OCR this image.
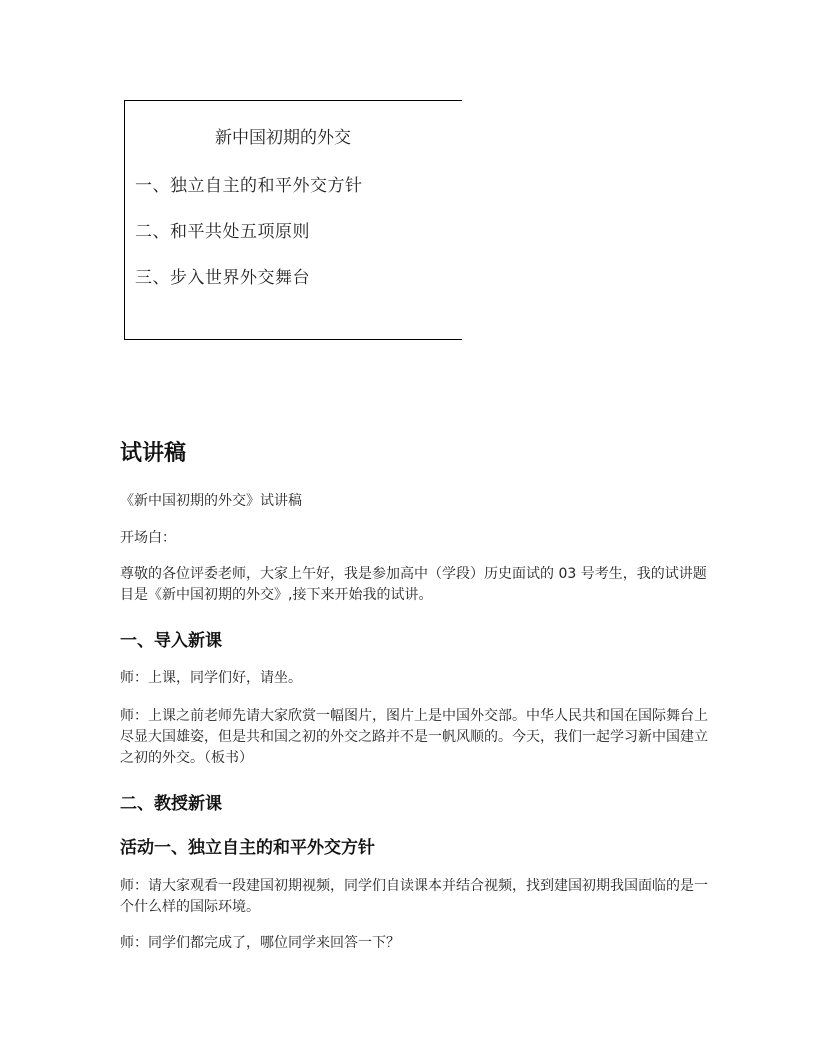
新中国初期的外交
一、独立自主的和平外交方针
二、和平共处五项原则
三、步入世界外交舞台
试讲稿
《新中国初期的外交》试讲稿
开场白：
尊敬的各位评委老师，大家上午好，我是参加高中（学段）历史面试的 03 号考生，我的试讲题目是《新中国初期的外交》,接下来开始我的试讲。
一、导入新课
师：上课，同学们好，请坐。
师：上课之前老师先请大家欣赏一幅图片，图片上是中国外交部。中华人民共和国在国际舞台上尽显大国雄姿，但是共和国之初的外交之路并不是一帆风顺的。今天，我们一起学习新中国建立之初的外交。（板书）
二、教授新课
活动一、独立自主的和平外交方针
师：请大家观看一段建国初期视频，同学们自读课本并结合视频，找到建国初期我国面临的是一个什么样的国际环境。
师：同学们都完成了，哪位同学来回答一下？
